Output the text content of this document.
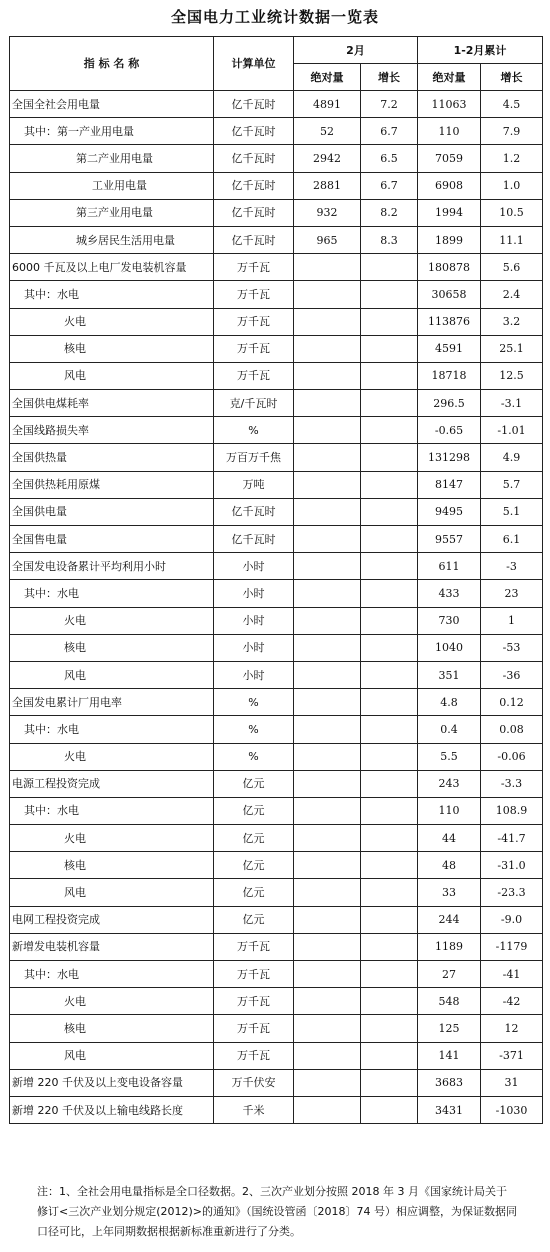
全国电力工业统计数据一览表
指 标 名 称	计算单位	2月		1-2月累计	
		绝对量	增长	绝对量	增长
全国全社会用电量	亿千瓦时	4891	7.2	11063	4.5
其中：第一产业用电量	亿千瓦时	52	6.7	110	7.9
第二产业用电量	亿千瓦时	2942	6.5	7059	1.2
工业用电量	亿千瓦时	2881	6.7	6908	1.0
第三产业用电量	亿千瓦时	932	8.2	1994	10.5
城乡居民生活用电量	亿千瓦时	965	8.3	1899	11.1
6000 千瓦及以上电厂发电装机容量	万千瓦			180878	5.6
其中：水电	万千瓦			30658	2.4
火电	万千瓦			113876	3.2
核电	万千瓦			4591	25.1
风电	万千瓦			18718	12.5
全国供电煤耗率	克/千瓦时			296.5	-3.1
全国线路损失率	%			-0.65	-1.01
全国供热量	万百万千焦			131298	4.9
全国供热耗用原煤	万吨			8147	5.7
全国供电量	亿千瓦时			9495	5.1
全国售电量	亿千瓦时			9557	6.1
全国发电设备累计平均利用小时	小时			611	-3
其中：水电	小时			433	23
火电	小时			730	1
核电	小时			1040	-53
风电	小时			351	-36
全国发电累计厂用电率	%			4.8	0.12
其中：水电	%			0.4	0.08
火电	%			5.5	-0.06
电源工程投资完成	亿元			243	-3.3
其中：水电	亿元			110	108.9
火电	亿元			44	-41.7
核电	亿元			48	-31.0
风电	亿元			33	-23.3
电网工程投资完成	亿元			244	-9.0
新增发电装机容量	万千瓦			1189	-1179
其中：水电	万千瓦			27	-41
火电	万千瓦			548	-42
核电	万千瓦			125	12
风电	万千瓦			141	-371
新增 220 千伏及以上变电设备容量	万千伏安			3683	31
新增 220 千伏及以上输电线路长度	千米			3431	-1030
注：1、全社会用电量指标是全口径数据。2、三次产业划分按照 2018 年 3 月《国家统计局关于修订<三次产业划分规定(2012)>的通知》（国统设管函〔2018〕74 号）相应调整，为保证数据同口径可比，上年同期数据根据新标准重新进行了分类。
